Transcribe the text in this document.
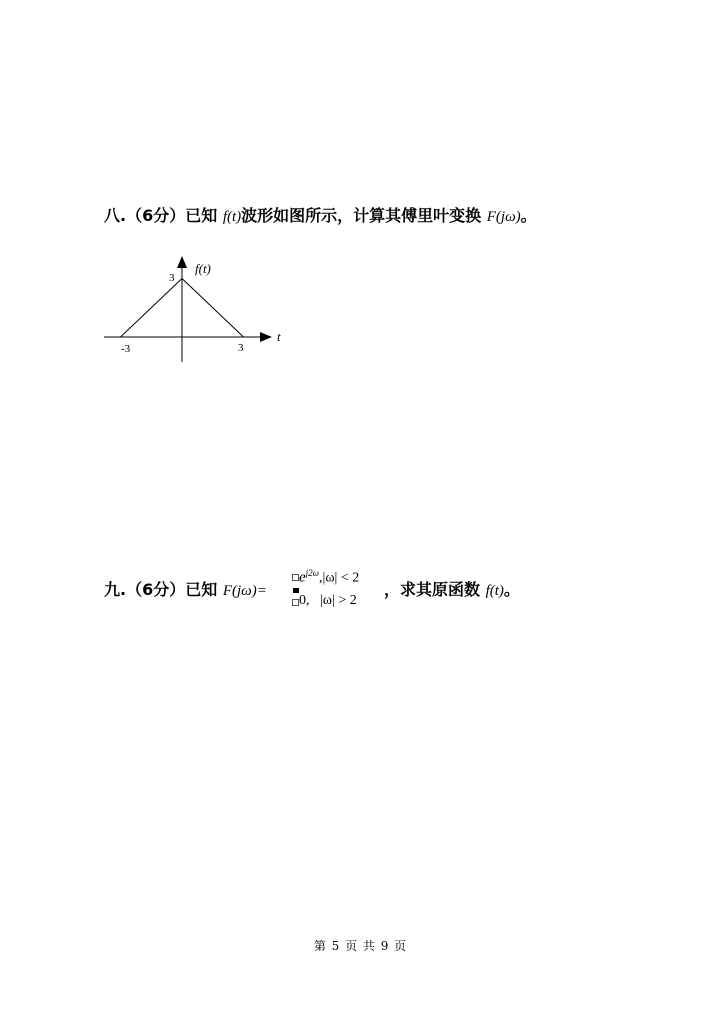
八.（6分）已知 f(t)波形如图所示，计算其傅里叶变换 F(jω)。
f(t)
t
3
-3	3
九.（6分）已知 F(jω)=
$e^{j2\omega},|\omega| < 2$
0, |ω| > 2
，求其原函数 f(t)。
第 5 页 共 9 页
